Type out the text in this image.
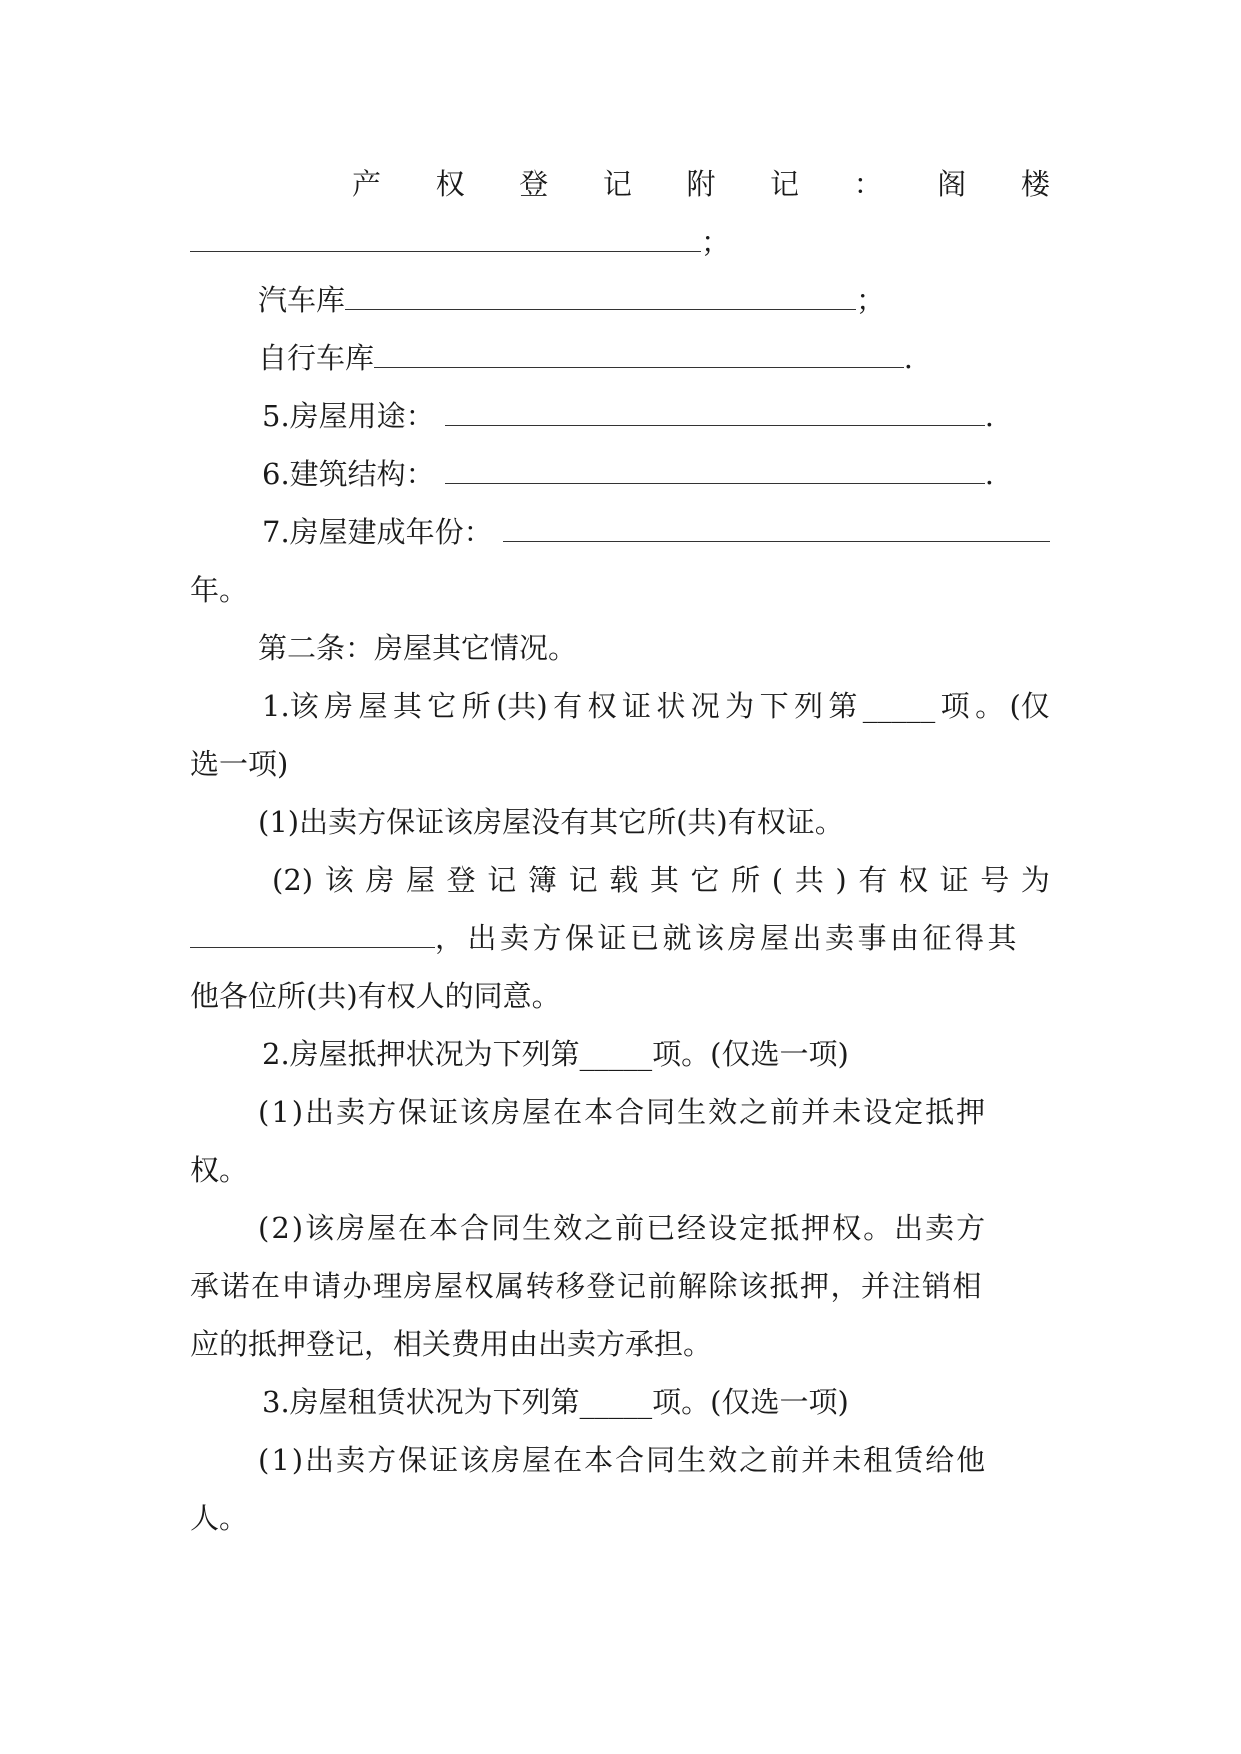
产 权 登 记 附 记 ： 阁 楼
；
汽车库	；
自行车库	.
5.房屋用途：	.
6.建筑结构：	.
7.房屋建成年份：
年。
第二条：房屋其它情况。
1.该 房 屋 其 它 所 (共) 有 权 证 状 况 为 下 列 第 _____ 项 。 (仅
选一项)
(1)出卖方保证该房屋没有其它所(共)有权证。
(2) 该 房 屋 登 记 簿 记 载 其 它 所 ( 共 ) 有 权 证 号 为
，出卖方保证已就该房屋出卖事由征得其
他各位所(共)有权人的同意。
2.房屋抵押状况为下列第_____项。(仅选一项)
(1)出卖方保证该房屋在本合同生效之前并未设定抵押
权。
(2)该房屋在本合同生效之前已经设定抵押权。出卖方
承诺在申请办理房屋权属转移登记前解除该抵押，并注销相
应的抵押登记，相关费用由出卖方承担。
3.房屋租赁状况为下列第_____项。(仅选一项)
(1)出卖方保证该房屋在本合同生效之前并未租赁给他
人。
